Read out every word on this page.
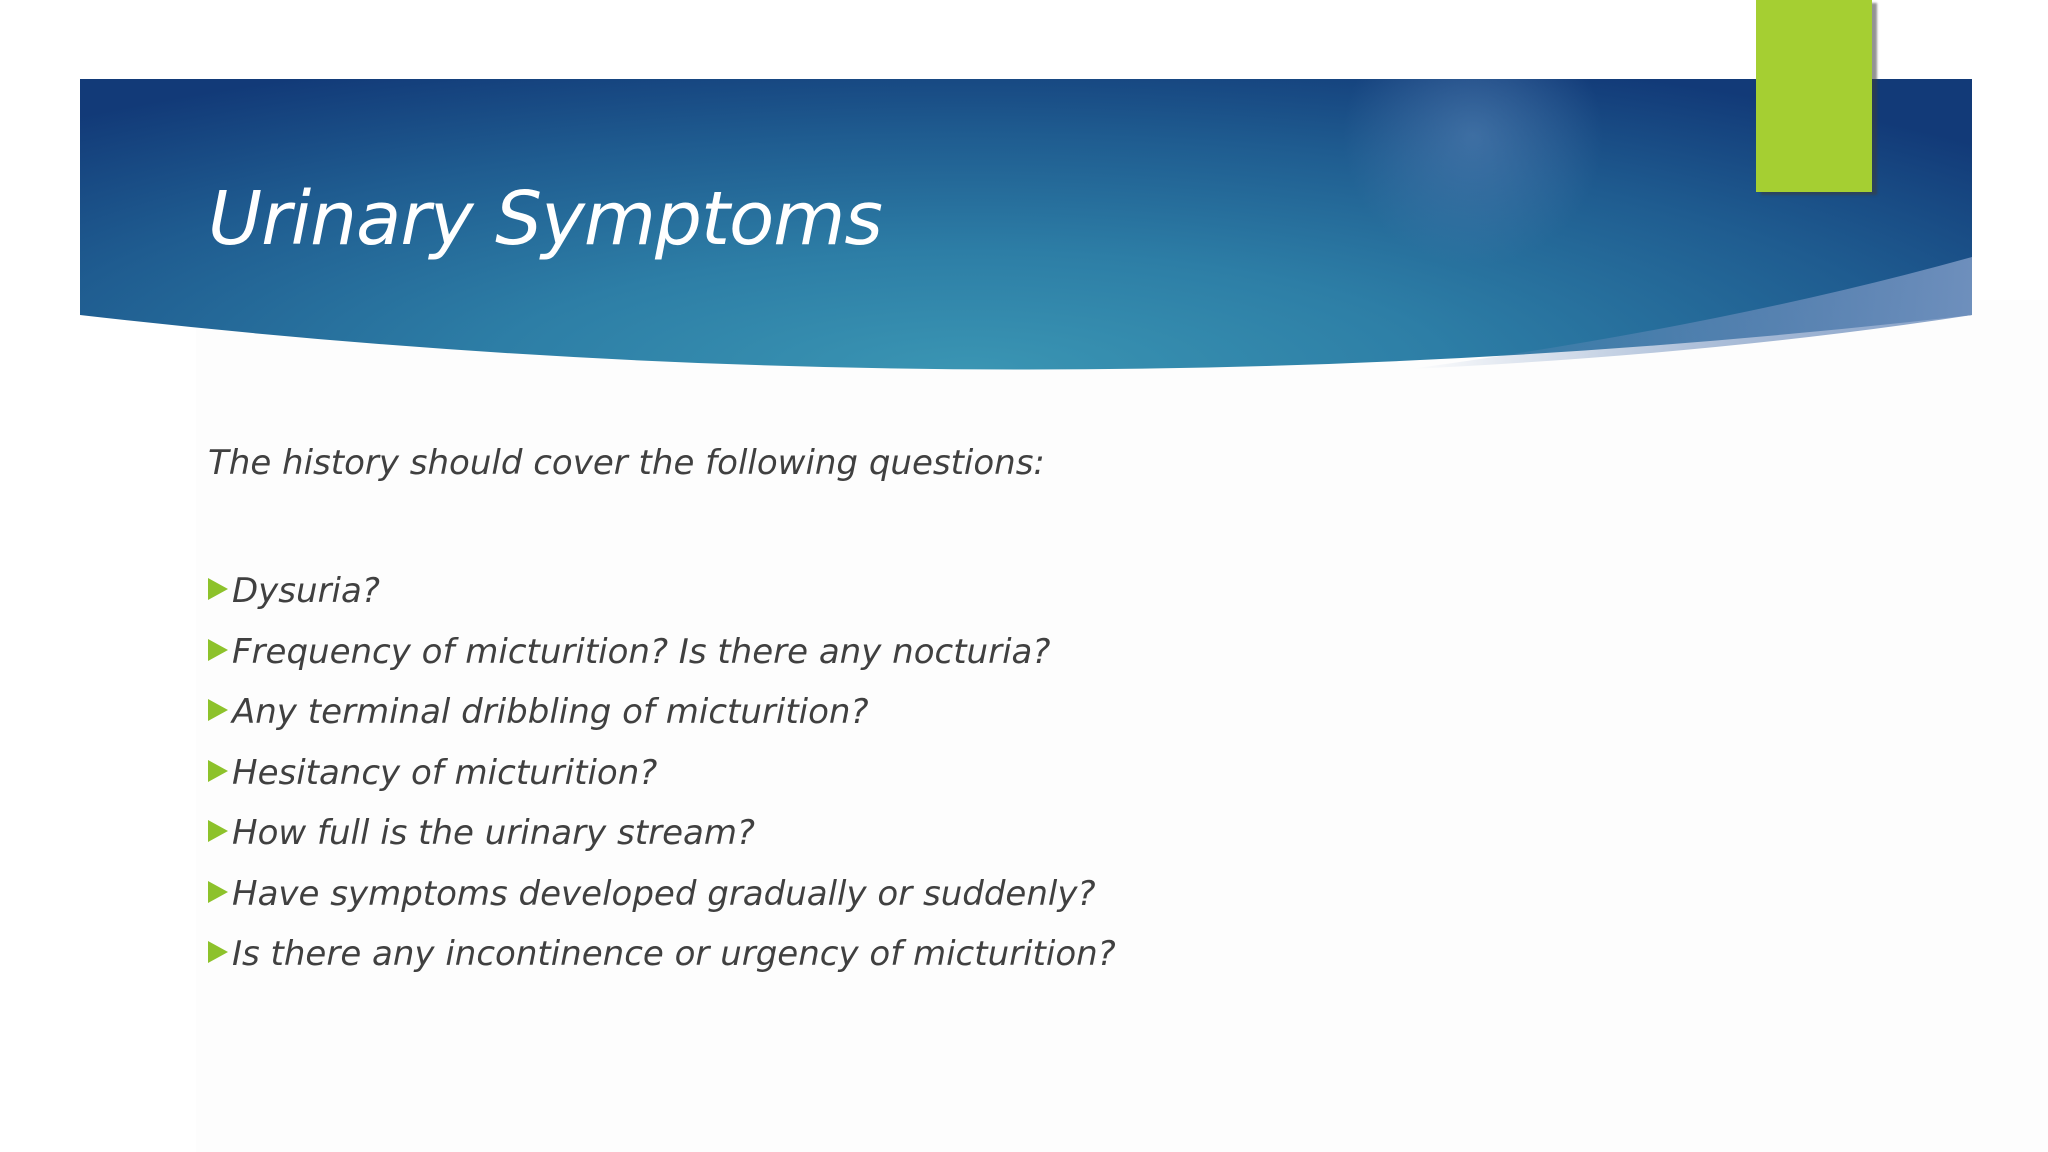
Urinary Symptoms

The history should cover the following questions:

Dysuria?
Frequency of micturition? Is there any nocturia?
Any terminal dribbling of micturition?
Hesitancy of micturition?
How full is the urinary stream?
Have symptoms developed gradually or suddenly?
Is there any incontinence or urgency of micturition?
